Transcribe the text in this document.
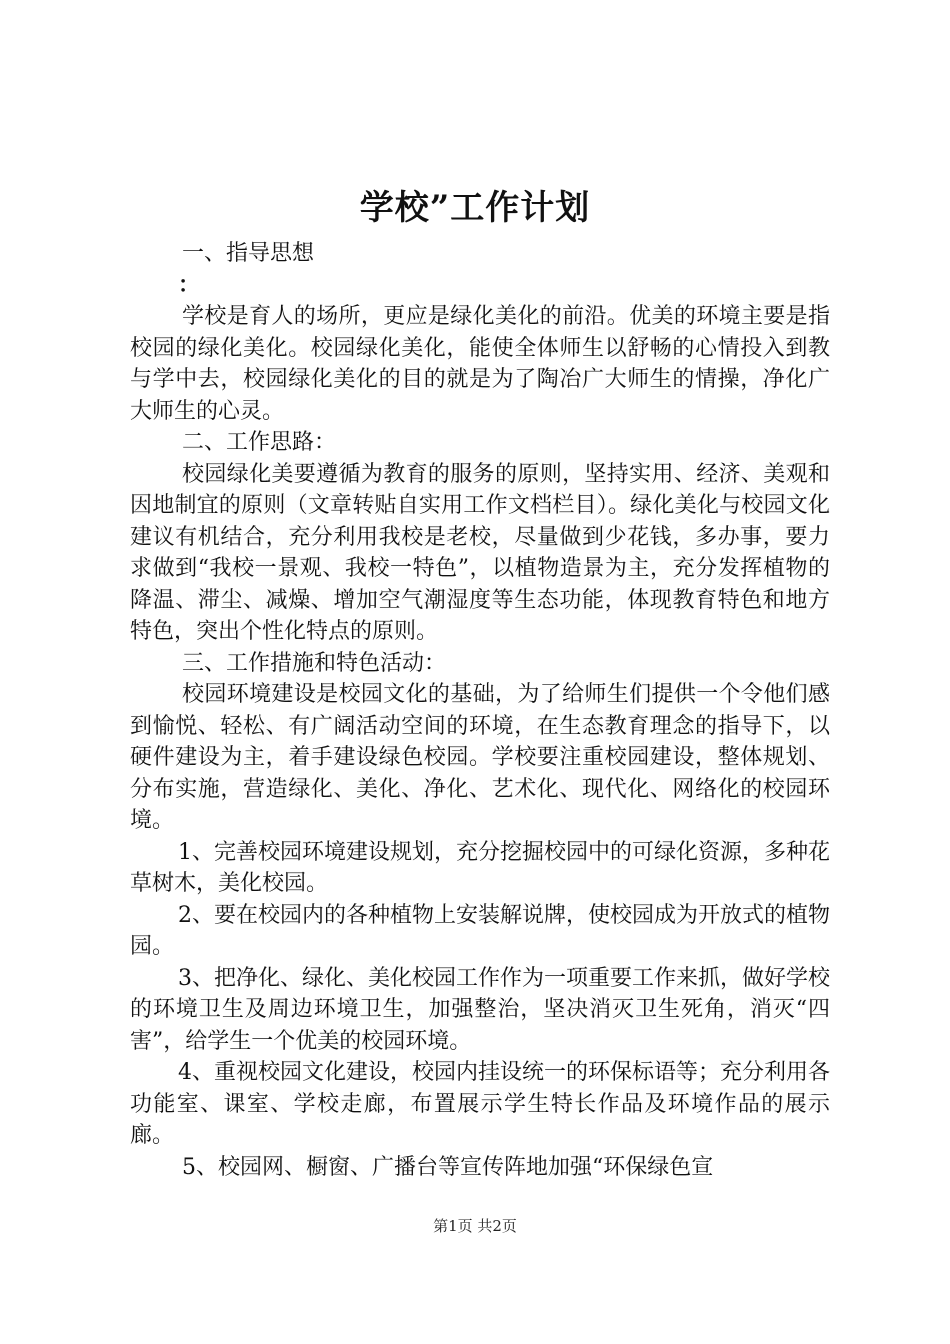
学校”工作计划

一、指导思想

：

学校是育人的场所，更应是绿化美化的前沿。优美的环境主要是指校园的绿化美化。校园绿化美化，能使全体师生以舒畅的心情投入到教与学中去，校园绿化美化的目的就是为了陶冶广大师生的情操，净化广大师生的心灵。

二、工作思路：

校园绿化美要遵循为教育的服务的原则，坚持实用、经济、美观和因地制宜的原则（文章转贴自实用工作文档栏目）。绿化美化与校园文化建议有机结合，充分利用我校是老校，尽量做到少花钱，多办事，要力求做到“我校一景观、我校一特色”，以植物造景为主，充分发挥植物的降温、滞尘、减燥、增加空气潮湿度等生态功能，体现教育特色和地方特色，突出个性化特点的原则。

三、工作措施和特色活动：

校园环境建设是校园文化的基础，为了给师生们提供一个令他们感到愉悦、轻松、有广阔活动空间的环境，在生态教育理念的指导下，以硬件建设为主，着手建设绿色校园。学校要注重校园建设，整体规划、分布实施，营造绿化、美化、净化、艺术化、现代化、网络化的校园环境。

1、完善校园环境建设规划，充分挖掘校园中的可绿化资源，多种花草树木，美化校园。

2、要在校园内的各种植物上安装解说牌，使校园成为开放式的植物园。

3、把净化、绿化、美化校园工作作为一项重要工作来抓，做好学校的环境卫生及周边环境卫生，加强整治，坚决消灭卫生死角，消灭“四害”，给学生一个优美的校园环境。

4、重视校园文化建设，校园内挂设统一的环保标语等；充分利用各功能室、课室、学校走廊，布置展示学生特长作品及环境作品的展示廊。

5、校园网、橱窗、广播台等宣传阵地加强“环保绿色宣

第1页 共2页
